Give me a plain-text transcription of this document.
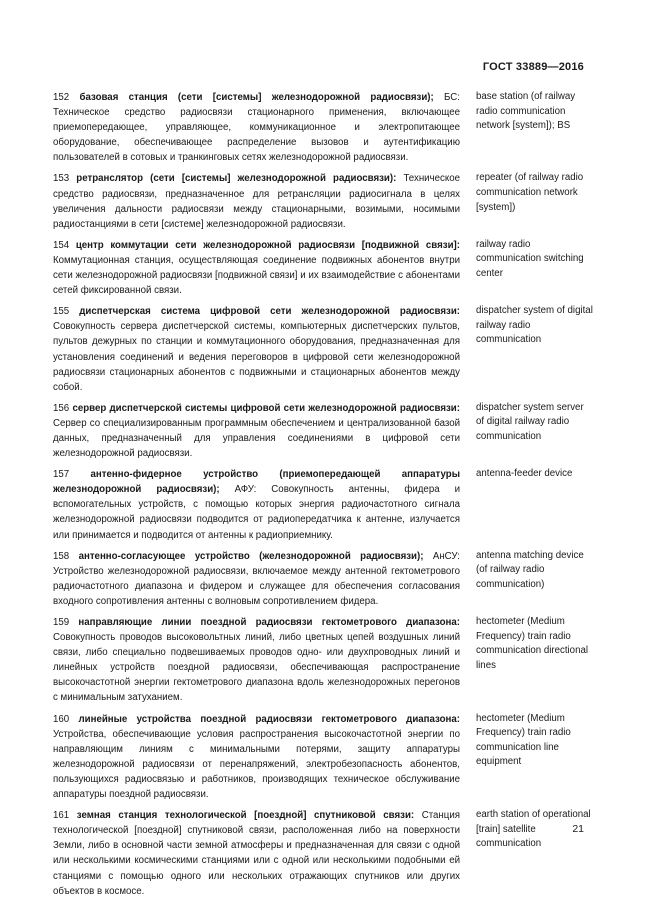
ГОСТ 33889—2016
152 базовая станция (сети [системы] железнодорожной радиосвязи); БС: Техническое средство радиосвязи стационарного применения, включающее приемопередающее, управляющее, коммуникационное и электропитающее оборудование, обеспечивающее распределение вызовов и аутентификацию пользователей в сотовых и транкинговых сетях железнодорожной радиосвязи.
base station (of railway radio communication network [system]); BS
153 ретранслятор (сети [системы] железнодорожной радиосвязи): Техническое средство радиосвязи, предназначенное для ретрансляции радиосигнала в целях увеличения дальности радиосвязи между стационарными, возимыми, носимыми радиостанциями в сети [системе] железнодорожной радиосвязи.
repeater (of railway radio communication network [system])
154 центр коммутации сети железнодорожной радиосвязи [подвижной связи]: Коммутационная станция, осуществляющая соединение подвижных абонентов внутри сети железнодорожной радиосвязи [подвижной связи] и их взаимодействие с абонентами сетей фиксированной связи.
railway radio communication switching center
155 диспетчерская система цифровой сети железнодорожной радиосвязи: Совокупность сервера диспетчерской системы, компьютерных диспетчерских пультов, пультов дежурных по станции и коммутационного оборудования, предназначенная для установления соединений и ведения переговоров в цифровой сети железнодорожной радиосвязи стационарных абонентов с подвижными и стационарных абонентов между собой.
dispatcher system of digital railway radio communication
156 сервер диспетчерской системы цифровой сети железнодорожной радиосвязи: Сервер со специализированным программным обеспечением и централизованной базой данных, предназначенный для управления соединениями в цифровой сети железнодорожной радиосвязи.
dispatcher system server of digital railway radio communication
157 антенно-фидерное устройство (приемопередающей аппаратуры железнодорожной радиосвязи); АФУ: Совокупность антенны, фидера и вспомогательных устройств, с помощью которых энергия радиочастотного сигнала железнодорожной радиосвязи подводится от радиопередатчика к антенне, излучается или принимается и подводится от антенны к радиоприемнику.
antenna-feeder device
158 антенно-согласующее устройство (железнодорожной радиосвязи); АнСУ: Устройство железнодорожной радиосвязи, включаемое между антенной гектометрового радиочастотного диапазона и фидером и служащее для обеспечения согласования входного сопротивления антенны с волновым сопротивлением фидера.
antenna matching device (of railway radio communication)
159 направляющие линии поездной радиосвязи гектометрового диапазона: Совокупность проводов высоковольтных линий, либо цветных цепей воздушных линий связи, либо специально подвешиваемых проводов одно- или двухпроводных линий и линейных устройств поездной радиосвязи, обеспечивающая распространение высокочастотной энергии гектометрового диапазона вдоль железнодорожных перегонов с минимальным затуханием.
hectometer (Medium Frequency) train radio communication directional lines
160 линейные устройства поездной радиосвязи гектометрового диапазона: Устройства, обеспечивающие условия распространения высокочастотной энергии по направляющим линиям с минимальными потерями, защиту аппаратуры железнодорожной радиосвязи от перенапряжений, электробезопасность абонентов, пользующихся радиосвязью и работников, производящих техническое обслуживание аппаратуры поездной радиосвязи.
hectometer (Medium Frequency) train radio communication line equipment
161 земная станция технологической [поездной] спутниковой связи: Станция технологической [поездной] спутниковой связи, расположенная либо на поверхности Земли, либо в основной части земной атмосферы и предназначенная для связи с одной или несколькими космическими станциями или с одной или несколькими подобными ей станциями с помощью одного или нескольких отражающих спутников или других объектов в космосе.
earth station of operational [train] satellite communication
21
